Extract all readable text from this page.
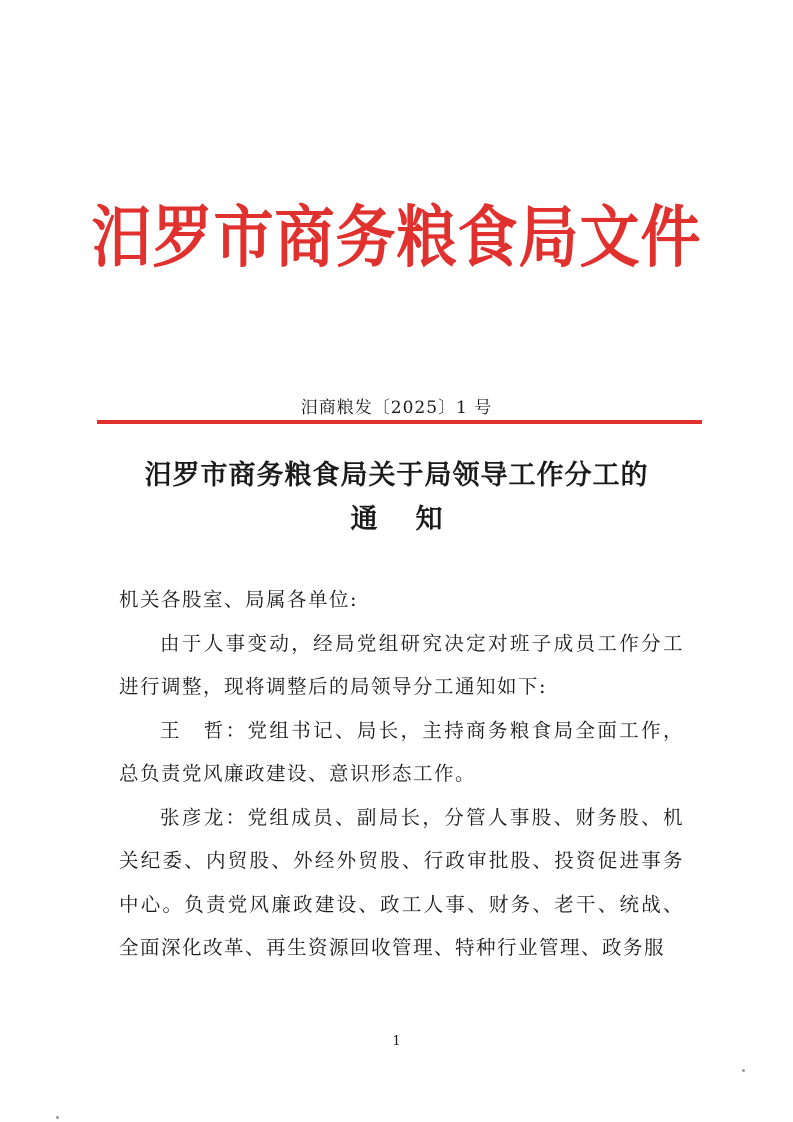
汨罗市商务粮食局文件
汨商粮发〔2025〕1 号
汨罗市商务粮食局关于局领导工作分工的
通知

机关各股室、局属各单位:

由于人事变动，经局党组研究决定对班子成员工作分工进行调整，现将调整后的局领导分工通知如下:

王　哲：党组书记、局长，主持商务粮食局全面工作，总负责党风廉政建设、意识形态工作。

张彦龙：党组成员、副局长，分管人事股、财务股、机关纪委、内贸股、外经外贸股、行政审批股、投资促进事务中心。负责党风廉政建设、政工人事、财务、老干、统战、全面深化改革、再生资源回收管理、特种行业管理、政务服

1
